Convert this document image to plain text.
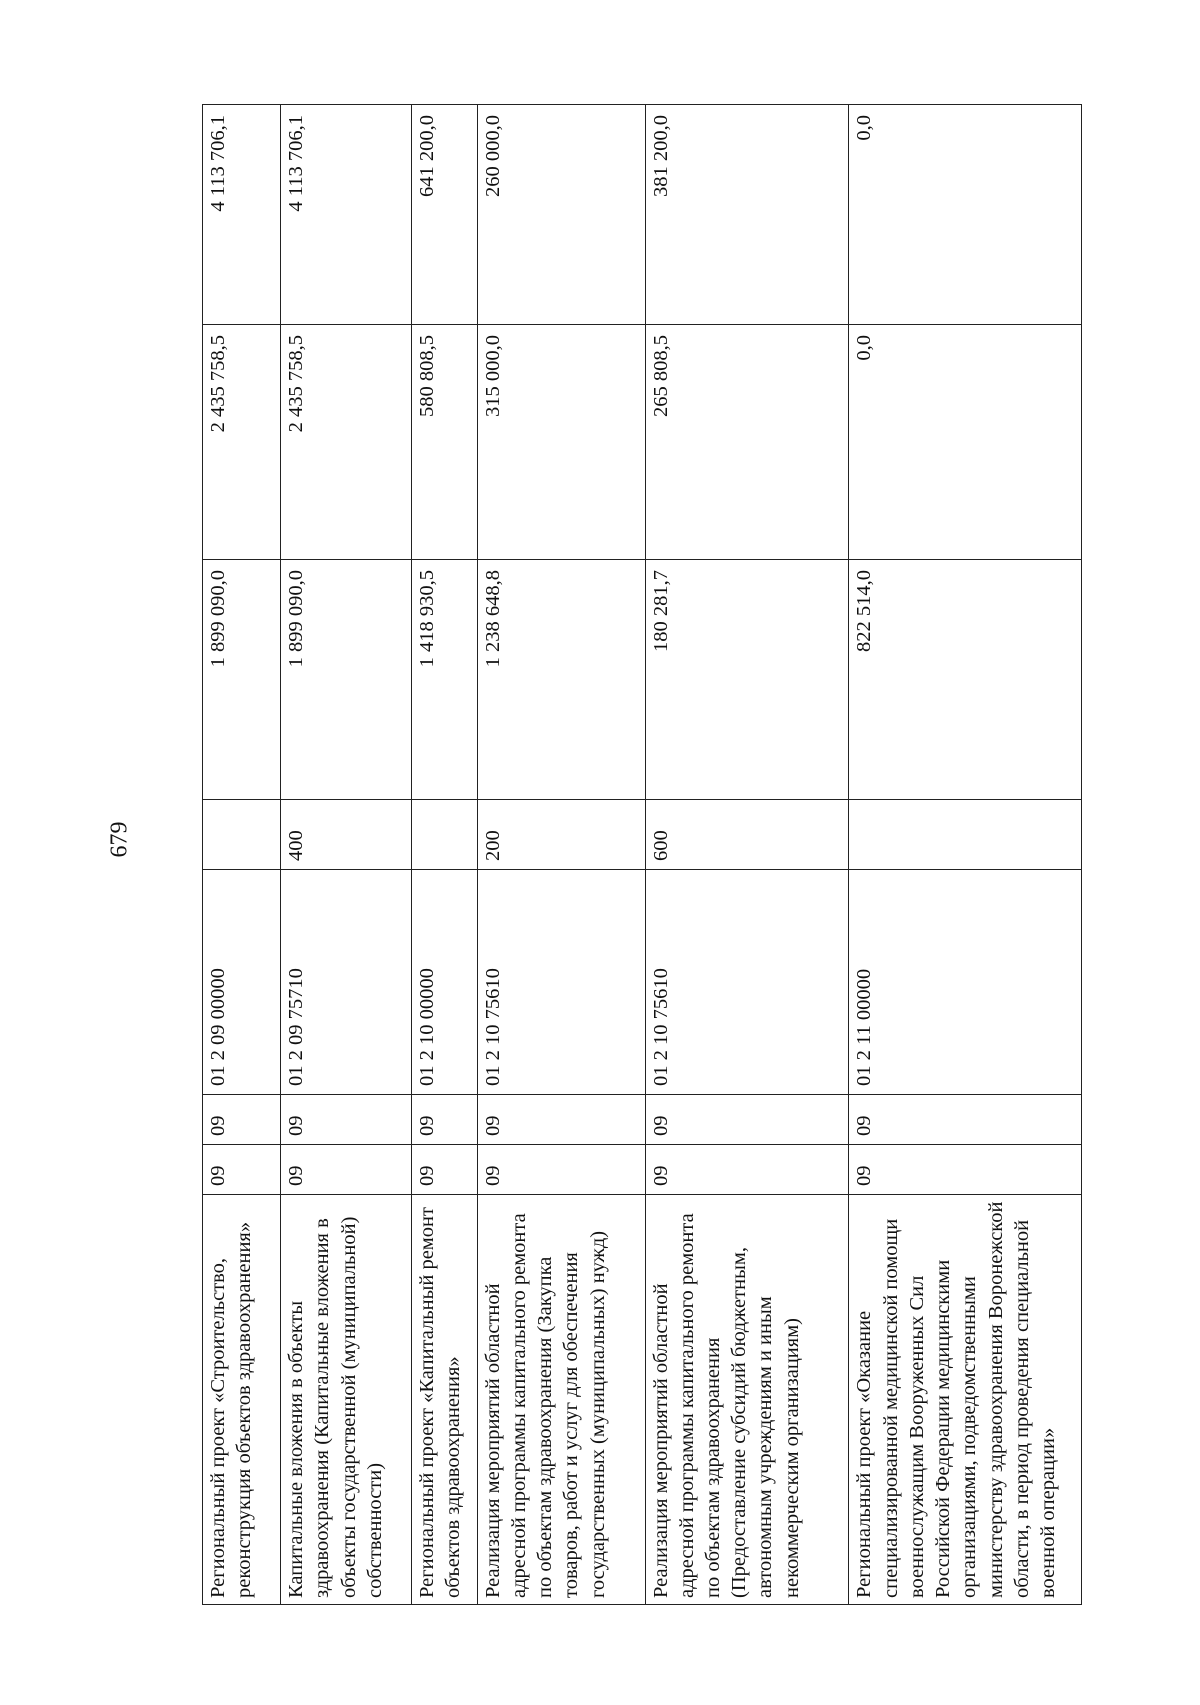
679
Региональный проект «Строительство, реконструкция объектов здравоохранения»	09	09	01 2 09 00000		1 899 090,0	2 435 758,5	4 113 706,1
Капитальные вложения в объекты здравоохранения (Капитальные вложения в объекты государственной (муниципальной) собственности)	09	09	01 2 09 75710	400	1 899 090,0	2 435 758,5	4 113 706,1
Региональный проект «Капитальный ремонт объектов здравоохранения»	09	09	01 2 10 00000		1 418 930,5	580 808,5	641 200,0
Реализация мероприятий областной адресной программы капитального ремонта по объектам здравоохранения (Закупка товаров, работ и услуг для обеспечения государственных (муниципальных) нужд)	09	09	01 2 10 75610	200	1 238 648,8	315 000,0	260 000,0
Реализация мероприятий областной адресной программы капитального ремонта по объектам здравоохранения (Предоставление субсидий бюджетным, автономным учреждениям и иным некоммерческим организациям)	09	09	01 2 10 75610	600	180 281,7	265 808,5	381 200,0
Региональный проект «Оказание специализированной медицинской помощи военнослужащим Вооруженных Сил Российской Федерации медицинскими организациями, подведомственными министерству здравоохранения Воронежской области, в период проведения специальной военной операции»	09	09	01 2 11 00000		822 514,0	0,0	0,0
